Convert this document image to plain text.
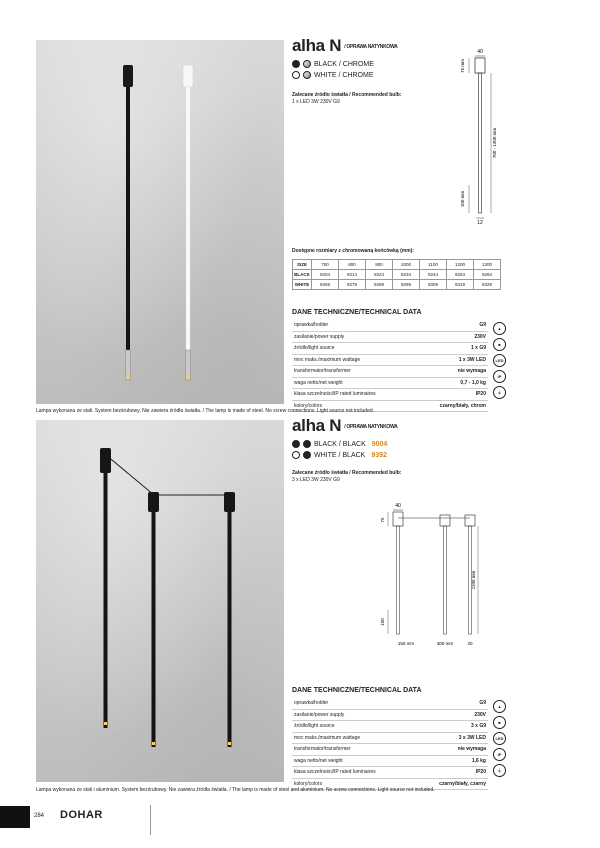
alha N / OPRAWA NATYNKOWA
BLACK / CHROME
WHITE / CHROME
Zalecane źródło światła / Recommended bulb:
1 x LED 3W 230V G9
40
75 mm
700 - 1300 mm
100 mm
12
Dostępne rozmiary z chromowaną końcówką (mm):
SIZE	700	800	900	1000	1100	1200	1300
BLACK	9204	9214	9224	9234	9244	9254	9264
WHITE	9269	9279	9289	9299	9309	9319	9329
DANE TECHNICZNE/TECHNICAL DATA
oprawka/holder	G9
zasilanie/power supply	230V
źródło/light source	1 x G9
moc maks./maximum wattage	1 x 3W LED
transformator/transformer	nie wymaga
waga netto/net weight	0,7 - 1,0 kg
klasa szczelności/IP rated luminaires	IP20
kolory/colors	czarny/biały, chrom
▲
■
LED
IP
⏚
Lampa wykonana ze stali. System bezśrubowy. Nie zawiera źródła światła. / The lamp is made of steel. No screw connections. Light source not included.
alha N / OPRAWA NATYNKOWA
BLACK / BLACK 9004
WHITE / BLACK 9392
Zalecane źródło światła / Recommended bulb:
3 x LED 3W 230V G9
40
75
1100 mm
100
150 mm	300 mm	20
DANE TECHNICZNE/TECHNICAL DATA
oprawka/holder	G9
zasilanie/power supply	230V
źródło/light source	3 x G9
moc maks./maximum wattage	3 x 3W LED
transformator/transformer	nie wymaga
waga netto/net weight	1,6 kg
klasa szczelności/IP rated luminaires	IP20
kolory/colors	czarny/biały, czarny
▲
■
LED
IP
⏚
Lampa wykonana ze stali i aluminium. System bezśrubowy. Nie zawiera źródła światła. / The lamp is made of steel and aluminium. No screw connections. Light source not included.
284 DOHAR
